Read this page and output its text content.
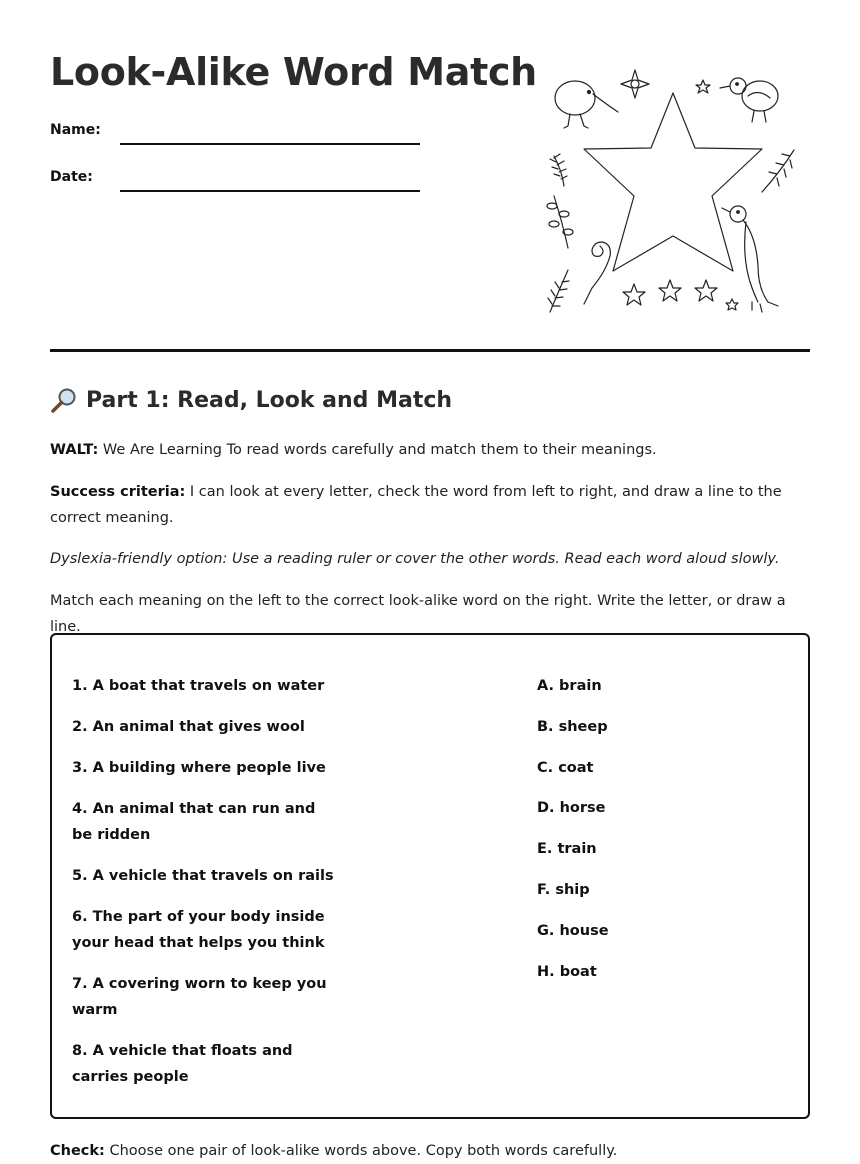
Look-Alike Word Match
Name:
Date:
Part 1: Read, Look and Match

WALT: We Are Learning To read words carefully and match them to their meanings.

Success criteria: I can look at every letter, check the word from left to right, and draw a line to the correct meaning.

Dyslexia-friendly option: Use a reading ruler or cover the other words. Read each word aloud slowly.

Match each meaning on the left to the correct look-alike word on the right. Write the letter, or draw a line.

1. A boat that travels on water
2. An animal that gives wool
3. A building where people live
4. An animal that can run and be ridden
5. A vehicle that travels on rails
6. The part of your body inside your head that helps you think
7. A covering worn to keep you warm
8. A vehicle that floats and carries people
A. brain
B. sheep
C. coat
D. horse
E. train
F. ship
G. house
H. boat

Check: Choose one pair of look-alike words above. Copy both words carefully.
